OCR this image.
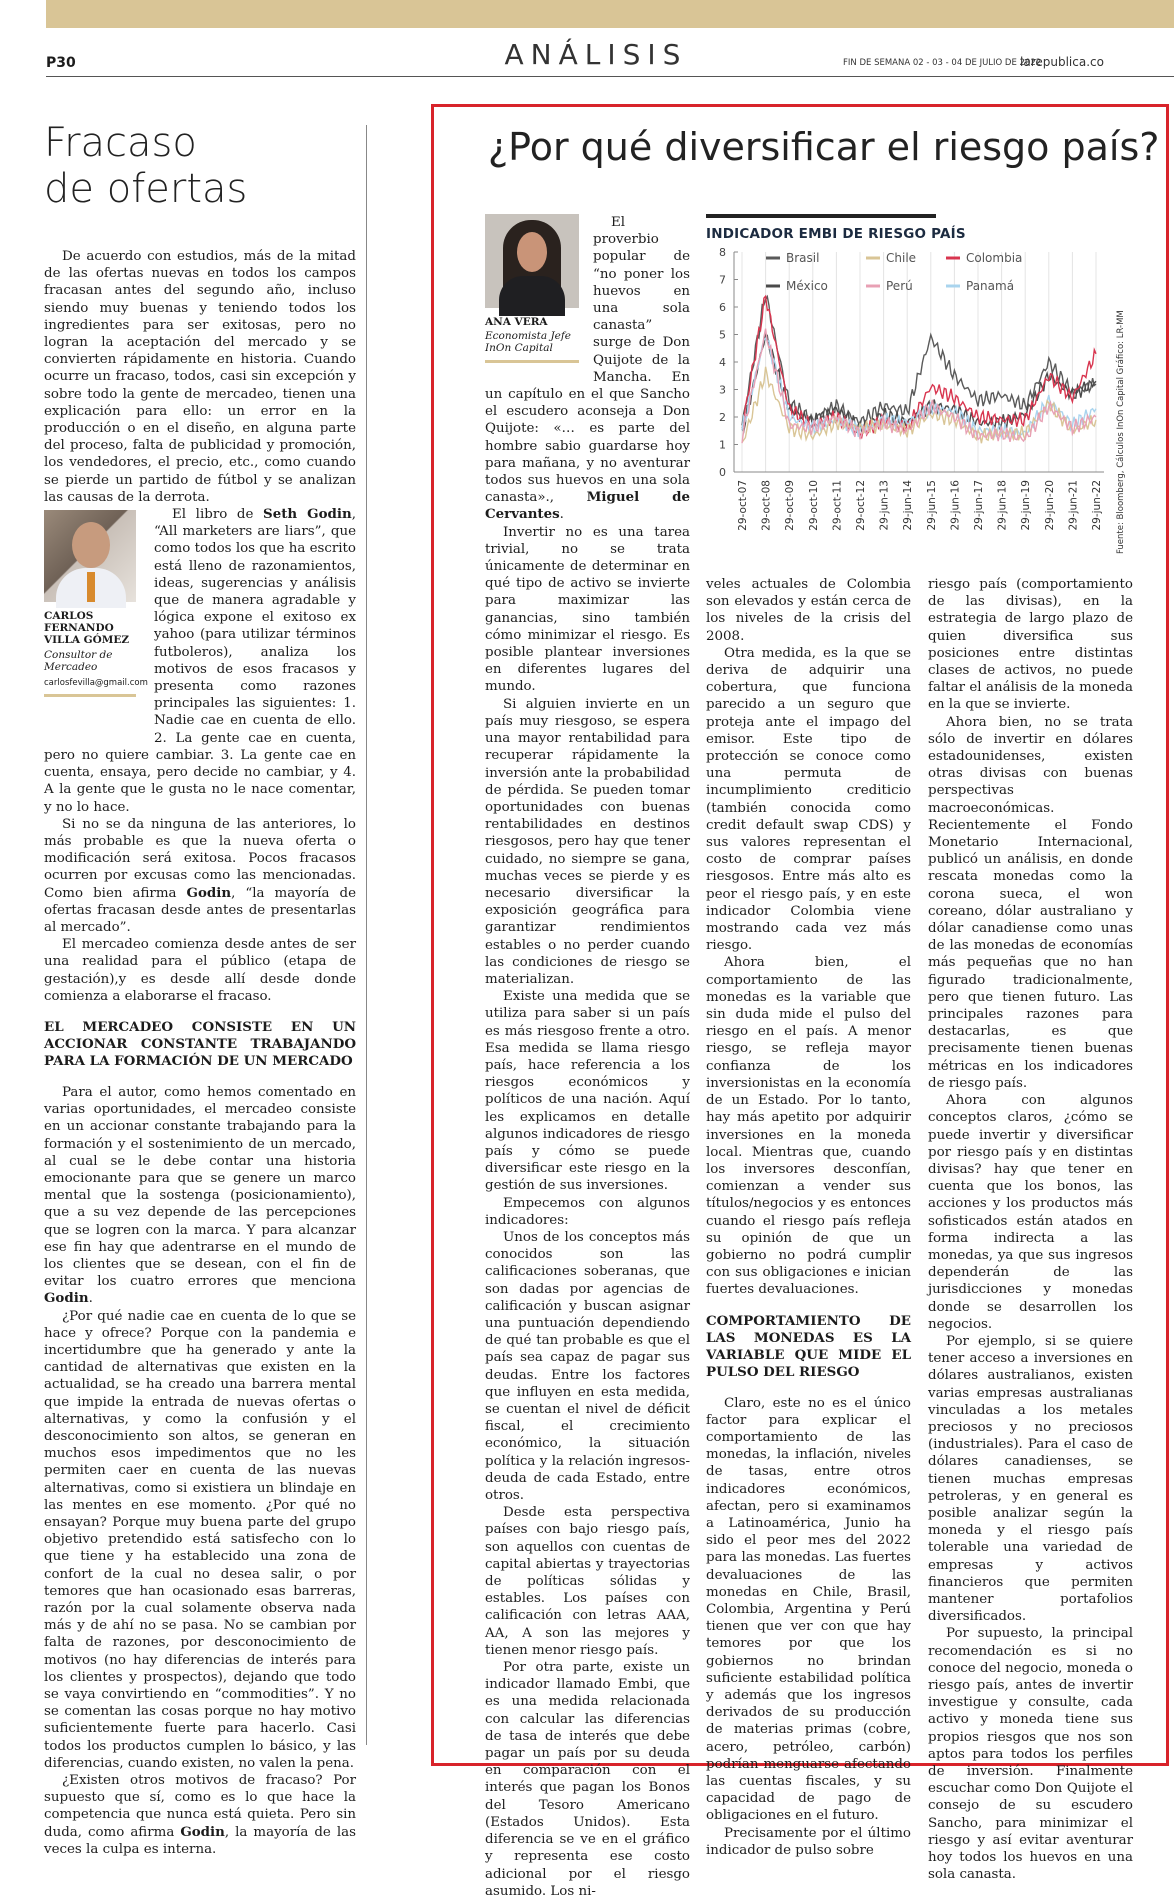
P30	ANÁLISIS	FIN DE SEMANA 02 - 03 - 04 DE JULIO DE 2022
larepublica.co
Fracaso
de ofertas

De acuerdo con estudios, más de la mitad de las ofertas nuevas en todos los campos fracasan antes del segundo año, incluso siendo muy buenas y teniendo todos los ingredientes para ser exitosas, pero no logran la aceptación del mercado y se convierten rápidamente en historia. Cuando ocurre un fracaso, todos, casi sin excepción y sobre todo la gente de mercadeo, tienen una explicación para ello: un error en la producción o en el diseño, en alguna parte del proceso, falta de publicidad y promoción, los vendedores, el precio, etc., como cuando se pierde un partido de fútbol y se analizan las causas de la derrota.

CARLOS
FERNANDO
VILLA GÓMEZ
Consultor de
Mercadeo
carlosfevilla@gmail.com

El libro de Seth Godin, “All marketers are liars”, que como todos los que ha escrito está lleno de razonamientos, ideas, sugerencias y análisis que de manera agradable y lógica expone el exitoso ex yahoo (para utilizar términos futboleros), analiza los motivos de esos fracasos y presenta como razones principales las siguientes: 1. Nadie cae en cuenta de ello. 2. La gente cae en cuenta, pero no quiere cambiar. 3. La gente cae en cuenta, ensaya, pero decide no cambiar, y 4. A la gente que le gusta no le nace comentar, y no lo hace.

Si no se da ninguna de las anteriores, lo más probable es que la nueva oferta o modificación será exitosa. Pocos fracasos ocurren por excusas como las mencionadas. Como bien afirma Godin, “la mayoría de ofertas fracasan desde antes de presentarlas al mercado”.

El mercadeo comienza desde antes de ser una realidad para el público (etapa de gestación),y es desde allí desde donde comienza a elaborarse el fracaso.

EL MERCADEO CONSISTE EN UN ACCIONAR CONSTANTE TRABAJANDO PARA LA FORMACIÓN DE UN MERCADO

Para el autor, como hemos comentado en varias oportunidades, el mercadeo consiste en un accionar constante trabajando para la formación y el sostenimiento de un mercado, al cual se le debe contar una historia emocionante para que se genere un marco mental que la sostenga (posicionamiento), que a su vez depende de las percepciones que se logren con la marca. Y para alcanzar ese fin hay que adentrarse en el mundo de los clientes que se desean, con el fin de evitar los cuatro errores que menciona Godin.

¿Por qué nadie cae en cuenta de lo que se hace y ofrece? Porque con la pandemia e incertidumbre que ha generado y ante la cantidad de alternativas que existen en la actualidad, se ha creado una barrera mental que impide la entrada de nuevas ofertas o alternativas, y como la confusión y el desconocimiento son altos, se generan en muchos esos impedimentos que no les permiten caer en cuenta de las nuevas alternativas, como si existiera un blindaje en las mentes en ese momento. ¿Por qué no ensayan? Porque muy buena parte del grupo objetivo pretendido está satisfecho con lo que tiene y ha establecido una zona de confort de la cual no desea salir, o por temores que han ocasionado esas barreras, razón por la cual solamente observa nada más y de ahí no se pasa. No se cambian por falta de razones, por desconocimiento de motivos (no hay diferencias de interés para los clientes y prospectos), dejando que todo se vaya convirtiendo en “commodities”. Y no se comentan las cosas porque no hay motivo suficientemente fuerte para hacerlo. Casi todos los productos cumplen lo básico, y las diferencias, cuando existen, no valen la pena.

¿Existen otros motivos de fracaso? Por supuesto que sí, como es lo que hace la competencia que nunca está quieta. Pero sin duda, como afirma Godin, la mayoría de las veces la culpa es interna.

¿Por qué diversificar el riesgo país?
ANA VERA
Economista Jefe
InOn Capital

El proverbio popular de “no poner los huevos en una sola canasta” surge de Don Quijote de la Mancha. En un capítulo en el que Sancho el escudero aconseja a Don Quijote: «… es parte del hombre sabio guardarse hoy para mañana, y no aventurar todos sus huevos en una sola canasta»., Miguel de Cervantes.

Invertir no es una tarea trivial, no se trata únicamente de determinar en qué tipo de activo se invierte para maximizar las ganancias, sino también cómo minimizar el riesgo. Es posible plantear inversiones en diferentes lugares del mundo.

Si alguien invierte en un país muy riesgoso, se espera una mayor rentabilidad para recuperar rápidamente la inversión ante la probabilidad de pérdida. Se pueden tomar oportunidades con buenas rentabilidades en destinos riesgosos, pero hay que tener cuidado, no siempre se gana, muchas veces se pierde y es necesario diversificar la exposición geográfica para garantizar rendimientos estables o no perder cuando las condiciones de riesgo se materializan.

Existe una medida que se utiliza para saber si un país es más riesgoso frente a otro. Esa medida se llama riesgo país, hace referencia a los riesgos económicos y políticos de una nación. Aquí les explicamos en detalle algunos indicadores de riesgo país y cómo se puede diversificar este riesgo en la gestión de sus inversiones.

Empecemos con algunos indicadores:

Unos de los conceptos más conocidos son las calificaciones soberanas, que son dadas por agencias de calificación y buscan asignar una puntuación dependiendo de qué tan probable es que el país sea capaz de pagar sus deudas. Entre los factores que influyen en esta medida, se cuentan el nivel de déficit fiscal, el crecimiento económico, la situación política y la relación ingresos-deuda de cada Estado, entre otros.

Desde esta perspectiva países con bajo riesgo país, son aquellos con cuentas de capital abiertas y trayectorias de políticas sólidas y estables. Los países con calificación con letras AAA, AA, A son las mejores y tienen menor riesgo país.

Por otra parte, existe un indicador llamado Embi, que es una medida relacionada con calcular las diferencias de tasa de interés que debe pagar un país por su deuda en comparación con el interés que pagan los Bonos del Tesoro Americano (Estados Unidos). Esta diferencia se ve en el gráfico y representa ese costo adicional por el riesgo asumido. Los ni-

INDICADOR EMBI DE RIESGO PAÍS
0
1
2
3
4
5
6
7
8
29-oct-07 29-oct-08 29-oct-09 29-oct-10 29-oct-11 29-oct-12 29-jun-13 29-jun-14 29-jun-15 29-jun-16 29-jun-17 29-jun-18 29-jun-19 29-jun-20 29-jun-21 29-jun-22
Brasil	Chile	Colombia
México	Perú	Panamá
Fuente: Bloomberg, Cálculos InOn Capital Gráfico: LR-MM

veles actuales de Colombia son elevados y están cerca de los niveles de la crisis del 2008.

Otra medida, es la que se deriva de adquirir una cobertura, que funciona parecido a un seguro que proteja ante el impago del emisor. Este tipo de protección se conoce como una permuta de incumplimiento crediticio (también conocida como credit default swap CDS) y sus valores representan el costo de comprar países riesgosos. Entre más alto es peor el riesgo país, y en este indicador Colombia viene mostrando cada vez más riesgo.

Ahora bien, el comportamiento de las monedas es la variable que sin duda mide el pulso del riesgo en el país. A menor riesgo, se refleja mayor confianza de los inversionistas en la economía de un Estado. Por lo tanto, hay más apetito por adquirir inversiones en la moneda local. Mientras que, cuando los inversores desconfían, comienzan a vender sus títulos/negocios y es entonces cuando el riesgo país refleja su opinión de que un gobierno no podrá cumplir con sus obligaciones e inician fuertes devaluaciones.

COMPORTAMIENTO DE LAS MONEDAS ES LA VARIABLE QUE MIDE EL PULSO DEL RIESGO

Claro, este no es el único factor para explicar el comportamiento de las monedas, la inflación, niveles de tasas, entre otros indicadores económicos, afectan, pero si examinamos a Latinoamérica, Junio ha sido el peor mes del 2022 para las monedas. Las fuertes devaluaciones de las monedas en Chile, Brasil, Colombia, Argentina y Perú tienen que ver con que hay temores por que los gobiernos no brindan suficiente estabilidad política y además que los ingresos derivados de su producción de materias primas (cobre, acero, petróleo, carbón) podrían menguarse afectando las cuentas fiscales, y su capacidad de pago de obligaciones en el futuro.

Precisamente por el último indicador de pulso sobre

riesgo país (comportamiento de las divisas), en la estrategia de largo plazo de quien diversifica sus posiciones entre distintas clases de activos, no puede faltar el análisis de la moneda en la que se invierte.

Ahora bien, no se trata sólo de invertir en dólares estadounidenses, existen otras divisas con buenas perspectivas macroeconómicas. Recientemente el Fondo Monetario Internacional, publicó un análisis, en donde rescata monedas como la corona sueca, el won coreano, dólar australiano y dólar canadiense como unas de las monedas de economías más pequeñas que no han figurado tradicionalmente, pero que tienen futuro. Las principales razones para destacarlas, es que precisamente tienen buenas métricas en los indicadores de riesgo país.

Ahora con algunos conceptos claros, ¿cómo se puede invertir y diversificar por riesgo país y en distintas divisas? hay que tener en cuenta que los bonos, las acciones y los productos más sofisticados están atados en forma indirecta a las monedas, ya que sus ingresos dependerán de las jurisdicciones y monedas donde se desarrollen los negocios.

Por ejemplo, si se quiere tener acceso a inversiones en dólares australianos, existen varias empresas australianas vinculadas a los metales preciosos y no preciosos (industriales). Para el caso de dólares canadienses, se tienen muchas empresas petroleras, y en general es posible analizar según la moneda y el riesgo país tolerable una variedad de empresas y activos financieros que permiten mantener portafolios diversificados.

Por supuesto, la principal recomendación es si no conoce del negocio, moneda o riesgo país, antes de invertir investigue y consulte, cada activo y moneda tiene sus propios riesgos que nos son aptos para todos los perfiles de inversión. Finalmente escuchar como Don Quijote el consejo de su escudero Sancho, para minimizar el riesgo y así evitar aventurar hoy todos los huevos en una sola canasta.
